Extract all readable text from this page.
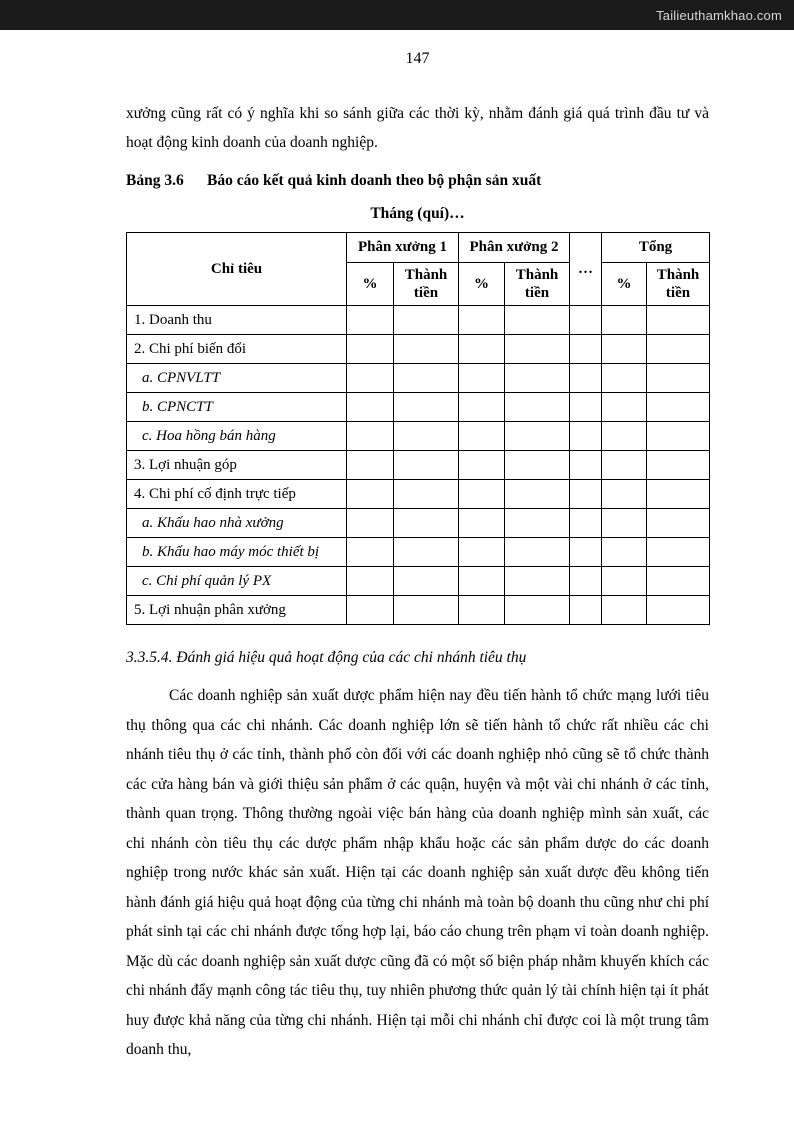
Tailieuthamkhao.com
147

xưởng cũng rất có ý nghĩa khi so sánh giữa các thời kỳ, nhằm đánh giá quá trình đầu tư và hoạt động kinh doanh của doanh nghiệp.

Bảng 3.6	Báo cáo kết quả kinh doanh theo bộ phận sản xuất
Tháng (quí)…
Chỉ tiêu	Phân xưởng 1		Phân xưởng 2		…	Tổng	
	%	Thành tiền	%	Thành tiền		%	Thành tiền
1. Doanh thu							
2. Chi phí biến đổi							
a. CPNVLTT							
b. CPNCTT							
c. Hoa hồng bán hàng							
3. Lợi nhuận góp							
4. Chi phí cố định trực tiếp							
a. Khấu hao nhà xưởng							
b. Khấu hao máy móc thiết bị							
c. Chi phí quản lý PX							
5. Lợi nhuận phân xưởng							

3.3.5.4. Đánh giá hiệu quả hoạt động của các chi nhánh tiêu thụ

Các doanh nghiệp sản xuất dược phẩm hiện nay đều tiến hành tổ chức mạng lưới tiêu thụ thông qua các chi nhánh. Các doanh nghiệp lớn sẽ tiến hành tổ chức rất nhiều các chi nhánh tiêu thụ ở các tỉnh, thành phố còn đối với các doanh nghiệp nhỏ cũng sẽ tổ chức thành các cửa hàng bán và giới thiệu sản phẩm ở các quận, huyện và một vài chi nhánh ở các tỉnh, thành quan trọng. Thông thường ngoài việc bán hàng của doanh nghiệp mình sản xuất, các chi nhánh còn tiêu thụ các dược phẩm nhập khẩu hoặc các sản phẩm dược do các doanh nghiệp trong nước khác sản xuất. Hiện tại các doanh nghiệp sản xuất dược đều không tiến hành đánh giá hiệu quả hoạt động của từng chi nhánh mà toàn bộ doanh thu cũng như chi phí phát sinh tại các chi nhánh được tổng hợp lại, báo cáo chung trên phạm vi toàn doanh nghiệp. Mặc dù các doanh nghiệp sản xuất dược cũng đã có một số biện pháp nhằm khuyến khích các chi nhánh đẩy mạnh công tác tiêu thụ, tuy nhiên phương thức quản lý tài chính hiện tại ít phát huy được khả năng của từng chi nhánh. Hiện tại mỗi chi nhánh chỉ được coi là một trung tâm doanh thu,
